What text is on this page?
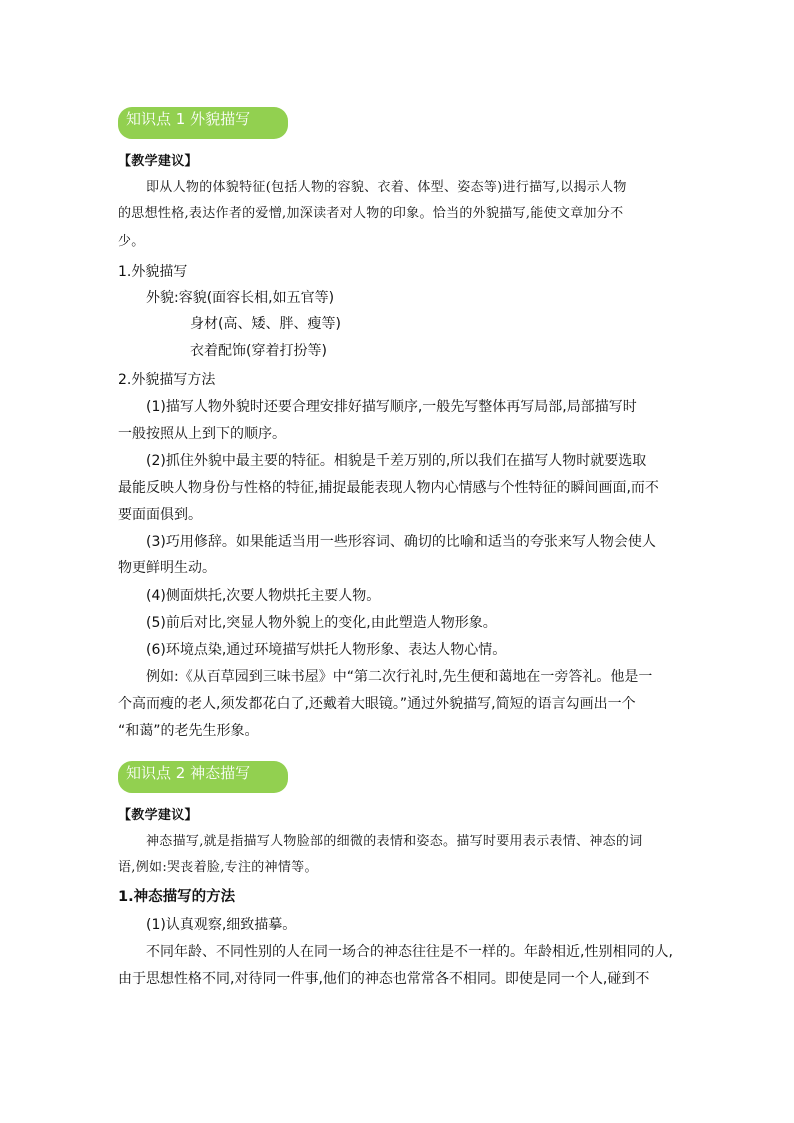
知识点 1 外貌描写
【教学建议】
即从人物的体貌特征(包括人物的容貌、衣着、体型、姿态等)进行描写,以揭示人物
的思想性格,表达作者的爱憎,加深读者对人物的印象。恰当的外貌描写,能使文章加分不
少。
1.外貌描写
外貌:容貌(面容长相,如五官等)
身材(高、矮、胖、瘦等)
衣着配饰(穿着打扮等)
2.外貌描写方法
(1)描写人物外貌时还要合理安排好描写顺序,一般先写整体再写局部,局部描写时
一般按照从上到下的顺序。
(2)抓住外貌中最主要的特征。相貌是千差万别的,所以我们在描写人物时就要选取
最能反映人物身份与性格的特征,捕捉最能表现人物内心情感与个性特征的瞬间画面,而不
要面面俱到。
(3)巧用修辞。如果能适当用一些形容词、确切的比喻和适当的夸张来写人物会使人
物更鲜明生动。
(4)侧面烘托,次要人物烘托主要人物。
(5)前后对比,突显人物外貌上的变化,由此塑造人物形象。
(6)环境点染,通过环境描写烘托人物形象、表达人物心情。
例如:《从百草园到三味书屋》中“第二次行礼时,先生便和蔼地在一旁答礼。他是一
个高而瘦的老人,须发都花白了,还戴着大眼镜。”通过外貌描写,简短的语言勾画出一个
“和蔼”的老先生形象。
知识点 2 神态描写
【教学建议】
神态描写,就是指描写人物脸部的细微的表情和姿态。描写时要用表示表情、神态的词
语,例如:哭丧着脸,专注的神情等。
1.神态描写的方法
(1)认真观察,细致描摹。
不同年龄、不同性别的人在同一场合的神态往往是不一样的。年龄相近,性别相同的人,
由于思想性格不同,对待同一件事,他们的神态也常常各不相同。即使是同一个人,碰到不
